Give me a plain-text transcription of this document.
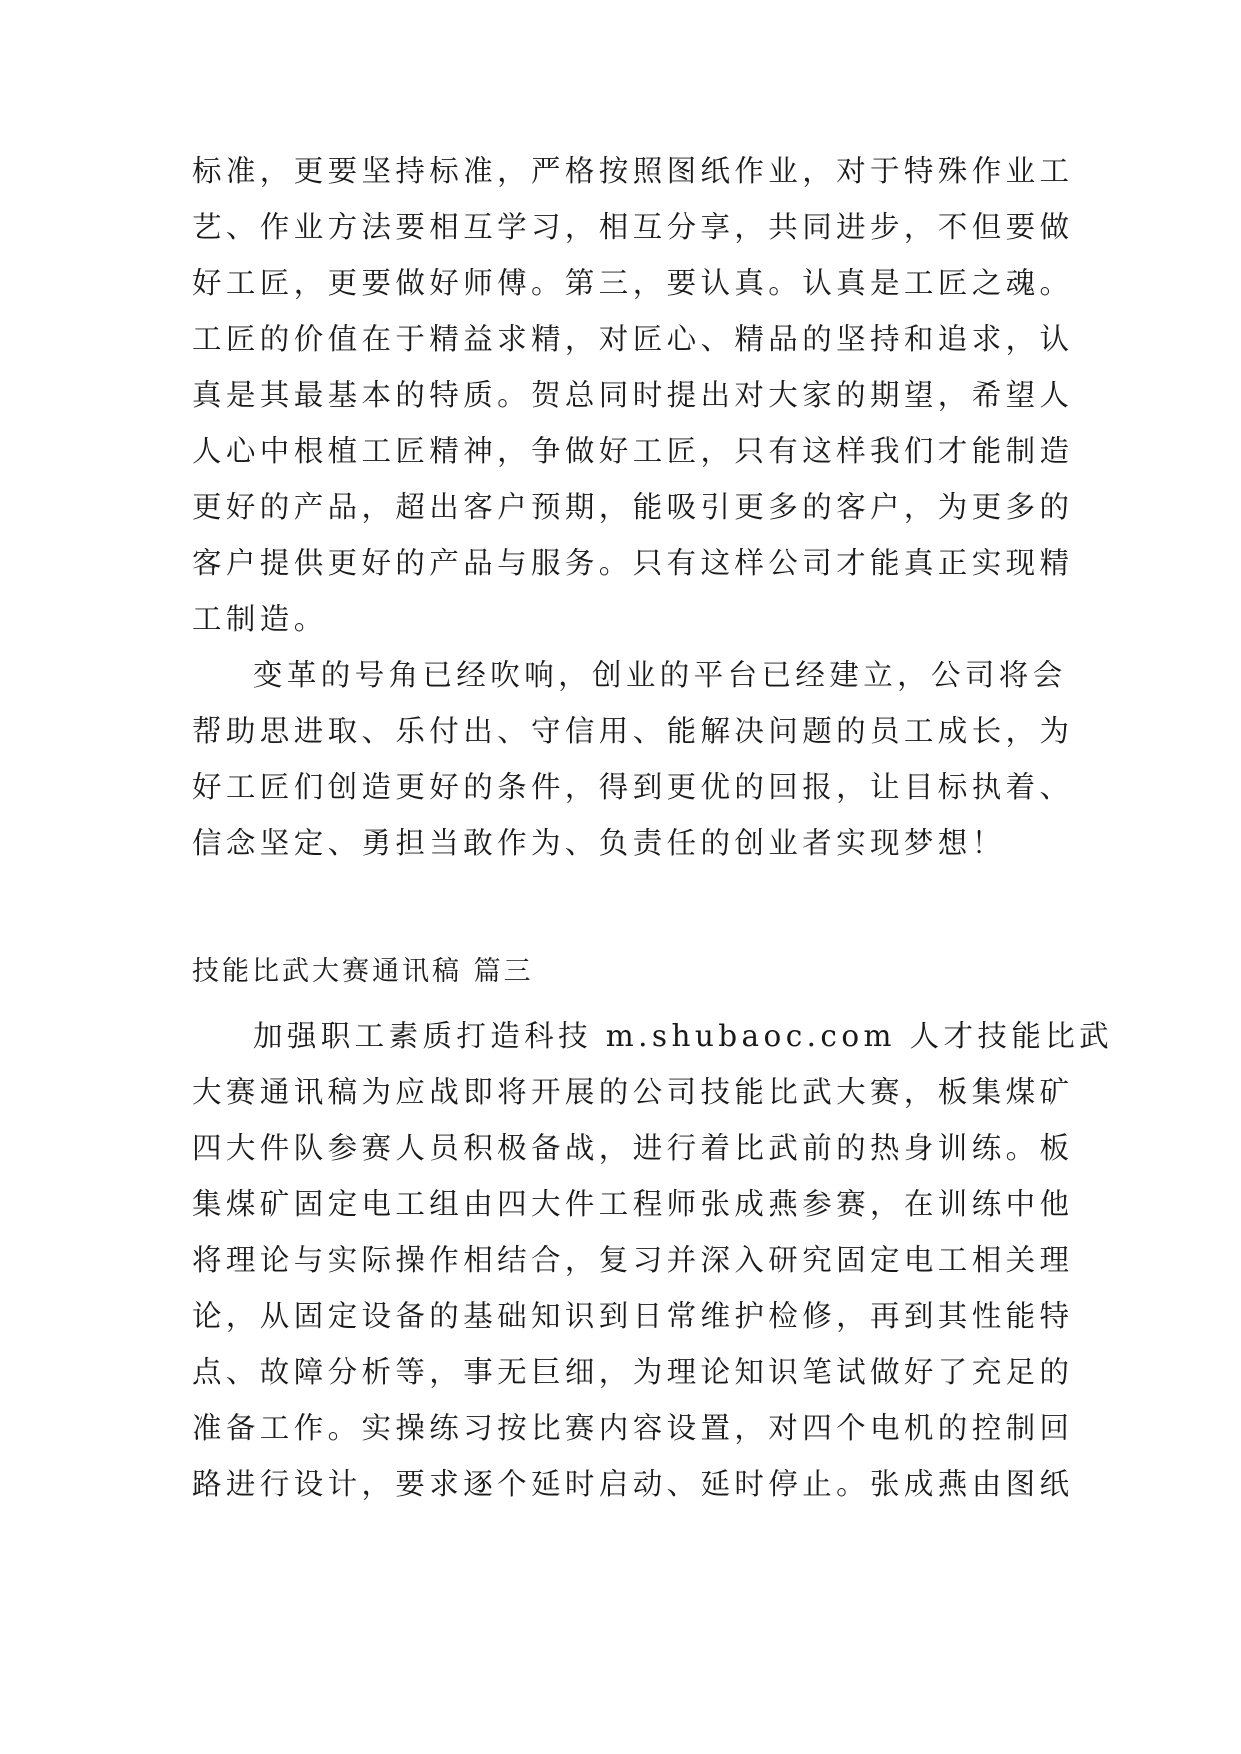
标准，更要坚持标准，严格按照图纸作业，对于特殊作业工
艺、作业方法要相互学习，相互分享，共同进步，不但要做
好工匠，更要做好师傅。第三，要认真。认真是工匠之魂。
工匠的价值在于精益求精，对匠心、精品的坚持和追求，认
真是其最基本的特质。贺总同时提出对大家的期望，希望人
人心中根植工匠精神，争做好工匠，只有这样我们才能制造
更好的产品，超出客户预期，能吸引更多的客户，为更多的
客户提供更好的产品与服务。只有这样公司才能真正实现精
工制造。
变革的号角已经吹响，创业的平台已经建立，公司将会
帮助思进取、乐付出、守信用、能解决问题的员工成长，为
好工匠们创造更好的条件，得到更优的回报，让目标执着、
信念坚定、勇担当敢作为、负责任的创业者实现梦想！
技能比武大赛通讯稿 篇三
加强职工素质打造科技 m.shubaoc.com 人才技能比武
大赛通讯稿为应战即将开展的公司技能比武大赛，板集煤矿
四大件队参赛人员积极备战，进行着比武前的热身训练。板
集煤矿固定电工组由四大件工程师张成燕参赛，在训练中他
将理论与实际操作相结合，复习并深入研究固定电工相关理
论，从固定设备的基础知识到日常维护检修，再到其性能特
点、故障分析等，事无巨细，为理论知识笔试做好了充足的
准备工作。实操练习按比赛内容设置，对四个电机的控制回
路进行设计，要求逐个延时启动、延时停止。张成燕由图纸
